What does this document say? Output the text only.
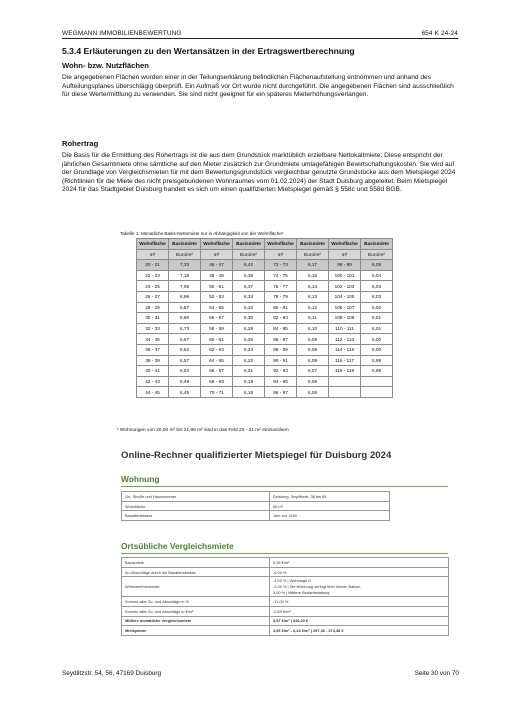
WEGMANN IMMOBILIENBEWERTUNG	654 K 24-24
5.3.4 Erläuterungen zu den Wertansätzen in der Ertragswertberechnung
Wohn- bzw. Nutzflächen
Die angegebenen Flächen wurden einer in der Teilungserklärung befindlichen Flächenaufstellung entnommen und anhand des Aufteilungsplanes überschlägig überprüft. Ein Aufmaß vor Ort wurde nicht durchgeführt. Die angegebenen Flächen sind ausschließlich für diese Wertermittlung zu verwenden. Sie sind nicht geeignet für ein späteres Mieterhöhungsverlangen.
Rohertrag
Die Basis für die Ermittlung des Rohertrags ist die aus dem Grundstück marktüblich erzielbare Nettokaltmiete. Diese entspricht der jährlichen Gesamtmiete ohne sämtliche auf den Mieter zusätzlich zur Grundmiete umlagefähigen Bewirtschaftungskosten. Sie wird auf der Grundlage von Vergleichsmieten für mit dem Bewertungsgrundstück vergleichbar genutzte Grundstücke aus dem Mietspiegel 2024 (Richtlinien für die Miete des nicht preisgebundenen Wohnraumes vom 01.02.2024) der Stadt Duisburg abgeleitet. Beim Mietspiegel 2024 für das Stadtgebiet Duisburg handelt es sich um einen qualifizierten Mietspiegel gemäß § 558c und 558d BGB.
Tabelle 1: Monatliche Basis-Nettomiete nur in Abhängigkeit von der Wohnfläche¹
Wohnfläche	Basismiete	Wohnfläche	Basismiete	Wohnfläche	Basismiete	Wohnfläche	Basismiete
m²	Euro/m²	m²	Euro/m²	m²	Euro/m²	m²	Euro/m²
20 - 21	7,33	46 - 47	6,42	72 - 73	6,17	98 - 99	6,05
22 - 23	7,18	48 - 49	6,39	74 - 75	6,15	100 - 101	6,04
24 - 25	7,06	50 - 51	6,37	76 - 77	6,14	102 - 103	6,03
26 - 27	6,96	52 - 53	6,34	78 - 79	6,13	104 - 105	6,03
28 - 29	6,87	54 - 55	6,32	80 - 81	6,12	106 - 107	6,02
30 - 31	6,80	56 - 57	6,30	82 - 83	6,11	108 - 109	6,01
32 - 33	6,73	58 - 59	6,28	84 - 85	6,10	110 - 111	6,01
34 - 35	6,67	60 - 61	6,26	86 - 87	6,09	112 - 113	6,00
36 - 37	6,62	62 - 63	6,24	88 - 89	6,08	114 - 115	6,00
38 - 39	6,57	64 - 65	6,22	90 - 91	6,08	116 - 117	5,99
40 - 41	6,53	66 - 67	6,21	92 - 93	6,07	118 - 119	5,99
42 - 43	6,49	68 - 69	6,19	94 - 95	6,06		
44 - 45	6,45	70 - 71	6,18	96 - 97	6,05		
¹ Wohnungen von 20,00 m² bis 21,99 m² sind in das Feld 20 - 21 m² einzuordnen
Online-Rechner qualifizierter Mietspiegel für Duisburg 2024
Wohnung
Ort, Straße und Hausnummer	Duisburg, Seydlitzstr. 36 bis 54
Wohnfläche	60 m²
Baualtersklasse	Jahr vor 1949
Ortsübliche Vergleichsmiete
Basismiete	6,26 €/m²
Zu-/Abschläge durch die Baualtersklasse	-6,00 %
Wohnwertmerkmale	-3,00 % | Wohnlage D
-2,00 % | Die Wohnung verfügt über keinen Balkon
0,00 % | Mittlere Bedarfsstattung
Summe aller Zu- und Abschläge in %	-11,00 %
Summe aller Zu- und Abschläge in €/m²	-0,69 €/m²
Mittlere monatliche Vergleichsmiete	5,57 €/m² | 334,20 €
Mietspanne	4,96 €/m² - 6,24 €/m² | 297,46 - 374,38 €
Seydlitzstr. 54, 56, 47169 Duisburg	Seite 30 von 70
